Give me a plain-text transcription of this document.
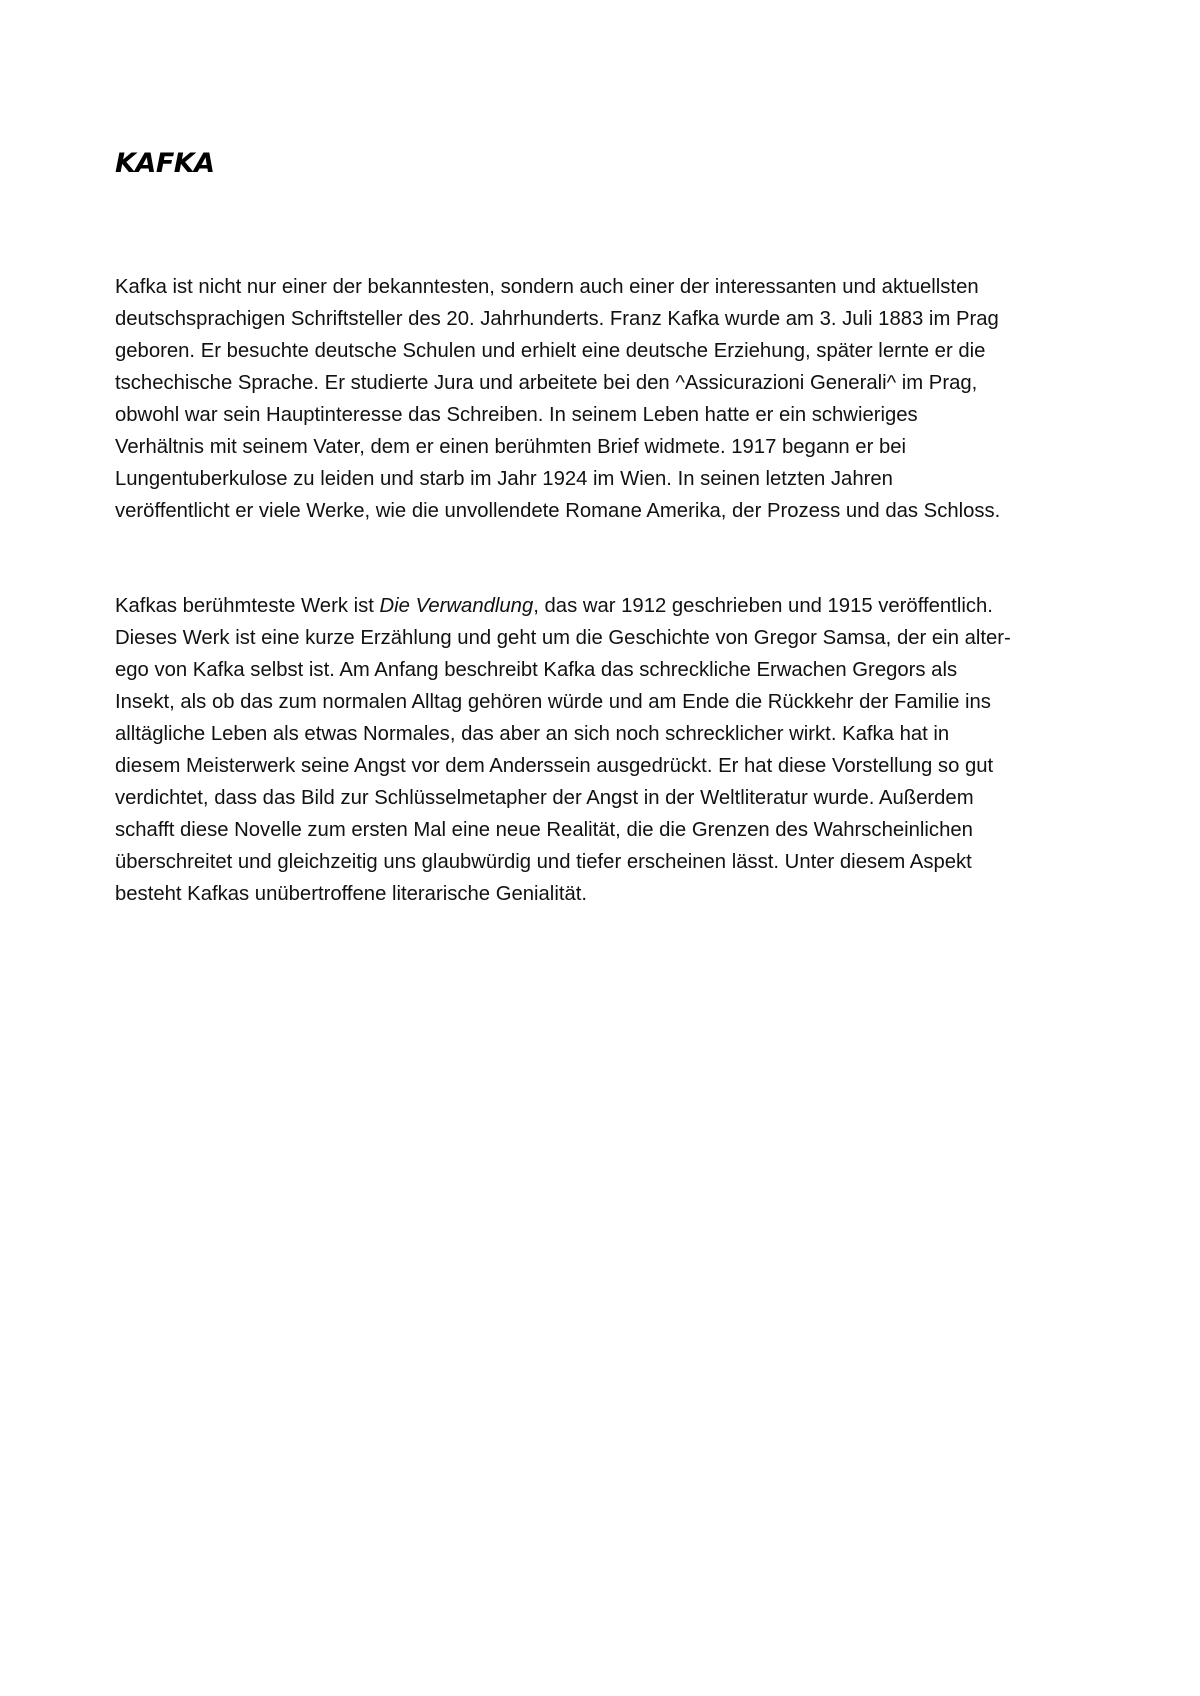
KAFKA

Kafka ist nicht nur einer der bekanntesten, sondern auch einer der interessanten und aktuellsten
deutschsprachigen Schriftsteller des 20. Jahrhunderts. Franz Kafka wurde am 3. Juli 1883 im Prag
geboren. Er besuchte deutsche Schulen und erhielt eine deutsche Erziehung, später lernte er die
tschechische Sprache. Er studierte Jura und arbeitete bei den ^Assicurazioni Generali^ im Prag,
obwohl war sein Hauptinteresse das Schreiben. In seinem Leben hatte er ein schwieriges
Verhältnis mit seinem Vater, dem er einen berühmten Brief widmete. 1917 begann er bei
Lungentuberkulose zu leiden und starb im Jahr 1924 im Wien. In seinen letzten Jahren
veröffentlicht er viele Werke, wie die unvollendete Romane Amerika, der Prozess und das Schloss.

Kafkas berühmteste Werk ist Die Verwandlung, das war 1912 geschrieben und 1915 veröffentlich.
Dieses Werk ist eine kurze Erzählung und geht um die Geschichte von Gregor Samsa, der ein alter-
ego von Kafka selbst ist. Am Anfang beschreibt Kafka das schreckliche Erwachen Gregors als
Insekt, als ob das zum normalen Alltag gehören würde und am Ende die Rückkehr der Familie ins
alltägliche Leben als etwas Normales, das aber an sich noch schrecklicher wirkt. Kafka hat in
diesem Meisterwerk seine Angst vor dem Anderssein ausgedrückt. Er hat diese Vorstellung so gut
verdichtet, dass das Bild zur Schlüsselmetapher der Angst in der Weltliteratur wurde. Außerdem
schafft diese Novelle zum ersten Mal eine neue Realität, die die Grenzen des Wahrscheinlichen
überschreitet und gleichzeitig uns glaubwürdig und tiefer erscheinen lässt. Unter diesem Aspekt
besteht Kafkas unübertroffene literarische Genialität.
